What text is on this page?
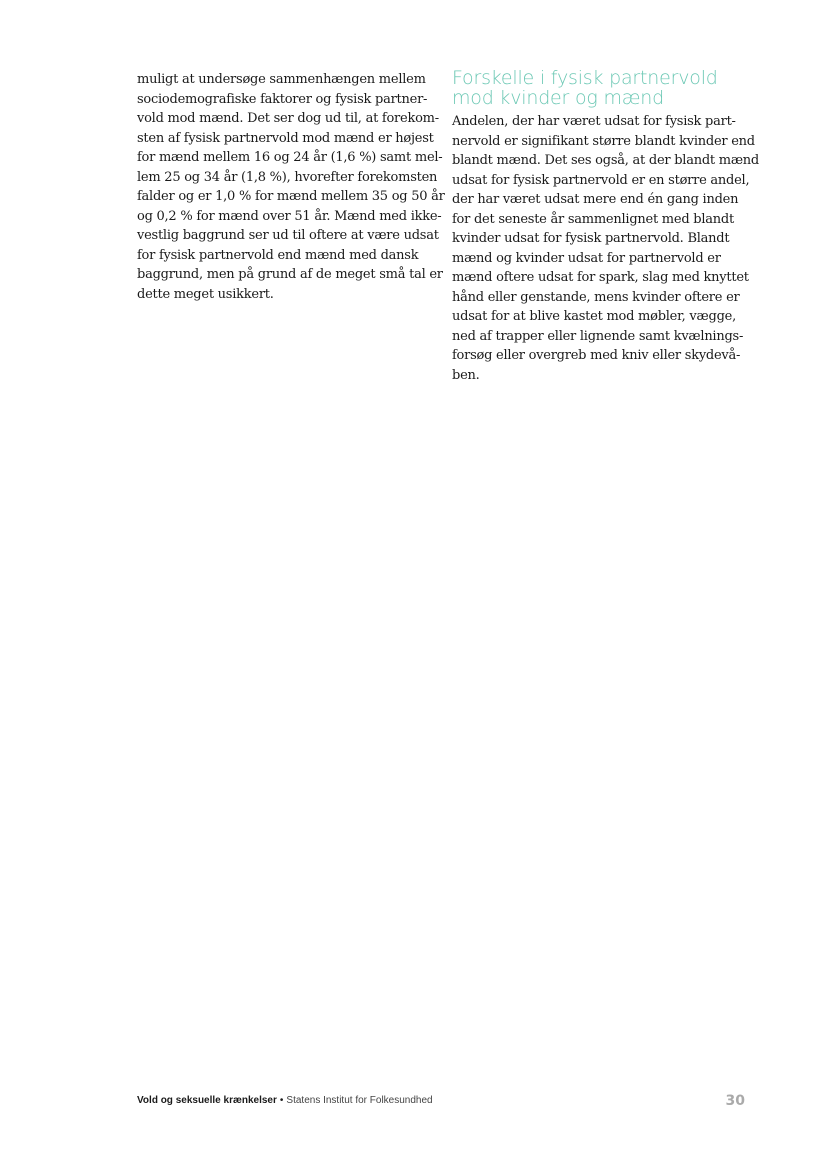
muligt at undersøge sammenhængen mellem
sociodemografiske faktorer og fysisk partner-
vold mod mænd. Det ser dog ud til, at forekom-
sten af fysisk partnervold mod mænd er højest
for mænd mellem 16 og 24 år (1,6 %) samt mel-
lem 25 og 34 år (1,8 %), hvorefter forekomsten
falder og er 1,0 % for mænd mellem 35 og 50 år
og 0,2 % for mænd over 51 år. Mænd med ikke-
vestlig baggrund ser ud til oftere at være udsat
for fysisk partnervold end mænd med dansk
baggrund, men på grund af de meget små tal er
dette meget usikkert.
Forskelle i fysisk partnervold
mod kvinder og mænd
Andelen, der har været udsat for fysisk part-
nervold er signifikant større blandt kvinder end
blandt mænd. Det ses også, at der blandt mænd
udsat for fysisk partnervold er en større andel,
der har været udsat mere end én gang inden
for det seneste år sammenlignet med blandt
kvinder udsat for fysisk partnervold. Blandt
mænd og kvinder udsat for partnervold er
mænd oftere udsat for spark, slag med knyttet
hånd eller genstande, mens kvinder oftere er
udsat for at blive kastet mod møbler, vægge,
ned af trapper eller lignende samt kvælnings-
forsøg eller overgreb med kniv eller skydevå-
ben.
Vold og seksuelle krænkelser • Statens Institut for Folkesundhed	30
